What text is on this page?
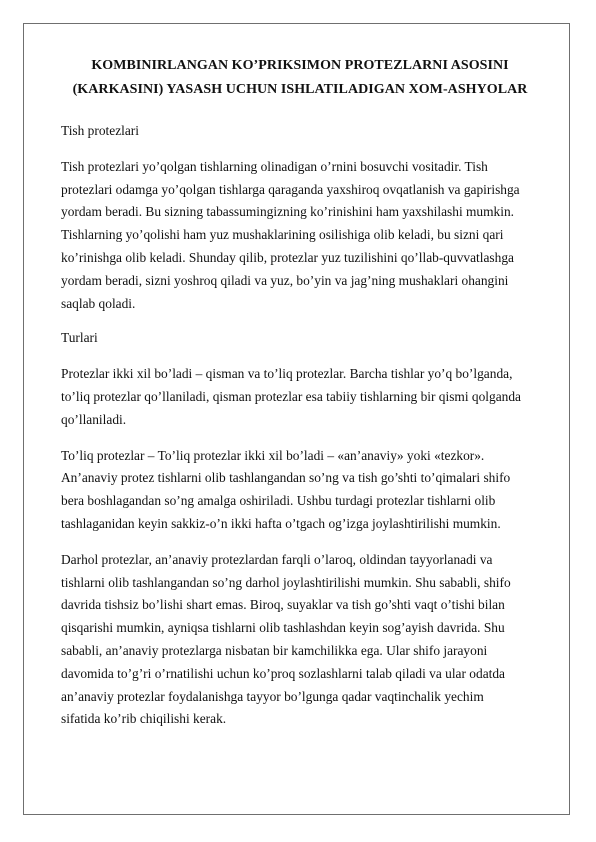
KOMBINIRLANGAN KO’PRIKSIMON PROTEZLARNI ASOSINI
(KARKASINI) YASASH UCHUN ISHLATILADIGAN XOM-ASHYOLAR

Tish protezlari

Tish protezlari yo’qolgan tishlarning olinadigan o’rnini bosuvchi vositadir. Tish
protezlari odamga yo’qolgan tishlarga qaraganda yaxshiroq ovqatlanish va gapirishga
yordam beradi. Bu sizning tabassumingizning ko’rinishini ham yaxshilashi mumkin.
Tishlarning yo’qolishi ham yuz mushaklarining osilishiga olib keladi, bu sizni qari
ko’rinishga olib keladi. Shunday qilib, protezlar yuz tuzilishini qo’llab-quvvatlashga
yordam beradi, sizni yoshroq qiladi va yuz, bo’yin va jag’ning mushaklari ohangini
saqlab qoladi.

Turlari

Protezlar ikki xil bo’ladi – qisman va to’liq protezlar. Barcha tishlar yo’q bo’lganda,
to’liq protezlar qo’llaniladi, qisman protezlar esa tabiiy tishlarning bir qismi qolganda
qo’llaniladi.

To’liq protezlar – To’liq protezlar ikki xil bo’ladi – «an’anaviy» yoki «tezkor».
An’anaviy protez tishlarni olib tashlangandan so’ng va tish go’shti to’qimalari shifo
bera boshlagandan so’ng amalga oshiriladi. Ushbu turdagi protezlar tishlarni olib
tashlaganidan keyin sakkiz-o’n ikki hafta o’tgach og’izga joylashtirilishi mumkin.

Darhol protezlar, an’anaviy protezlardan farqli o’laroq, oldindan tayyorlanadi va
tishlarni olib tashlangandan so’ng darhol joylashtirilishi mumkin. Shu sababli, shifo
davrida tishsiz bo’lishi shart emas. Biroq, suyaklar va tish go’shti vaqt o’tishi bilan
qisqarishi mumkin, ayniqsa tishlarni olib tashlashdan keyin sog’ayish davrida. Shu
sababli, an’anaviy protezlarga nisbatan bir kamchilikka ega. Ular shifo jarayoni
davomida to’g’ri o’rnatilishi uchun ko’proq sozlashlarni talab qiladi va ular odatda
an’anaviy protezlar foydalanishga tayyor bo’lgunga qadar vaqtinchalik yechim
sifatida ko’rib chiqilishi kerak.
